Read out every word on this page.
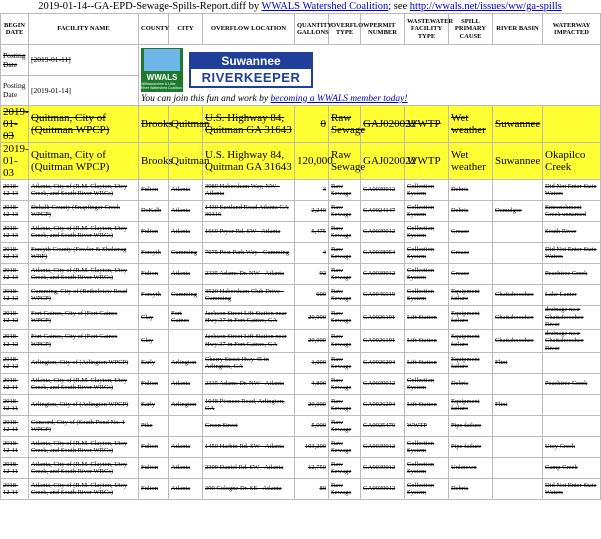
2019-01-14--GA-EPD-Sewage-Spills-Report.diff by WWALS Watershed Coalition; see http://wwals.net/issues/ww/ga-spills
BEGIN DATE	FACILITY NAME	COUNTY	CITY	OVERFLOW LOCATION	QUANTITY GALLONS	OVERFLOW TYPE	PERMIT NUMBER	WASTEWATER FACILITY TYPE	SPILL PRIMARY CAUSE	RIVER BASIN	WATERWAY IMPACTED
Posting Date	[2019-01-11]	WWALS
Withlacoochee & Little River Watershed Coalition
Suwannee
RIVERKEEPER
You can join this fun and work by becoming a WWALS member today!									

Posting Date	[2019-01-14]										
2019-01-03	Quitman, City of (Quitman WPCP)	Brooks	Quitman	U.S. Highway 84, Quitman GA 31643	0	Raw Sewage	GAJ020022	WWTP	Wet weather	Suwannee	
2019-01-03	Quitman, City of (Quitman WPCP)	Brooks	Quitman	U.S. Highway 84, Quitman GA 31643	120,000	Raw Sewage	GAJ020022	WWTP	Wet weather	Suwannee	Okapilco Creek
2018-12-13	Atlanta, City of (R.M. Clayton, Utoy Creek, and South River WRCs)	Fulton	Atlanta	3089 Habersham Way, NW - Atlanta	3	Raw Sewage	GA0039012	Collection System	Debris		Did Not Enter State Waters
2018-12-13	Dekalb County (Snapfinger Creek WPCP)	DeKalb	Atlanta	1430 Eastland Road Atlanta GA 30316	2,240	Raw Sewage	GA0024147	Collection System	Debris	Ocmulgee	Entrenchment Creek unnamed
2018-12-13	Atlanta, City of (R.M. Clayton, Utoy Creek, and South River WRCs)	Fulton	Atlanta	1669 Pryor Rd. SW - Atlanta	5,475	Raw Sewage	GA0039012	Collection System	Grease		South River
2018-12-13	Forsyth County (Fowler & Shakerag WRF)	Forsyth	Cumming	7075 Post Park Way - Cumming	4	Raw Sewage	GA0038954	Collection System	Grease		Did Not Enter State Waters
2018-12-13	Atlanta, City of (R.M. Clayton, Utoy Creek, and South River WRCs)	Fulton	Atlanta	2335 Adams Dr. NW - Atlanta	92	Raw Sewage	GA0039012	Collection System	Grease		Peachtree Creek
2018-12-12	Cumming, City of (Bethelview Road WPCP)	Forsyth	Cumming	3520 Habersham Club Drive - Cumming	600	Raw Sewage	GA0046019	Collection System	Equipment failure	Chattahoochee	Lake Lanier
2018-12-12	Fort Gaines, City of (Fort Gaines WPCP)	Clay	Fort Gaines	Jackson Street Lift Station near Hwy 37 in Fort Gaines, GA	20,000	Raw Sewage	GA0026191	Lift Station	Equipment failure	Chattahoochee	drainage near Chattahoochee River
2018-12-12	Fort Gaines, City of (Fort Gaines WPCP)	Clay		Jackson Street Lift Station near Hwy 37 in Fort Gaines, GA	20,000	Raw Sewage	GA0026191	Lift Station	Equipment failure	Chattahoochee	drainage near Chattahoochee River
2018-12-12	Arlington, City of (Arlington WPCP)	Early	Arlington	Cherry Street Hwy 45 in Arlington, GA	1,000	Raw Sewage	GA0026204	Lift Station	Equipment failure	Flint	
2018-12-11	Atlanta, City of (R.M. Clayton, Utoy Creek, and South River WRCs)	Fulton	Atlanta	2335 Adams Dr. NW - Atlanta	4,800	Raw Sewage	GA0039012	Collection System	Debris		Peachtree Creek
2018-12-11	Arlington, City of (Arlington WPCP)	Early	Arlington	1048 Pioneer Road, Arlington, GA	20,000	Raw Sewage	GA0026204	Lift Station	Equipment failure	Flint	
2018-12-11	Concord, City of (South Pond No. 1 WPCP)	Pike		Green Street	5,000	Raw Sewage	GA0025470	WWTP	Pipe failure		
2018-12-11	Atlanta, City of (R.M. Clayton, Utoy Creek, and South River WRCs)	Fulton	Atlanta	1450 Harbin Rd. SW - Atlanta	103,200	Raw Sewage	GA0039012	Collection System	Pipe failure		Utoy Creek
2018-12-11	Atlanta, City of (R.M. Clayton, Utoy Creek, and South River WRCs)	Fulton	Atlanta	2300 Daniel Rd. SW - Atlanta	12,750	Raw Sewage	GA0039012	Collection System	Unknown		Camp Creek
2018-12-11	Atlanta, City of (R.M. Clayton, Utoy Creek, and South River WRCs)	Fulton	Atlanta	390 Cologne Dr. SE - Atlanta	80	Raw Sewage	GA0039012	Collection System	Debris		Did Not Enter State Waters
